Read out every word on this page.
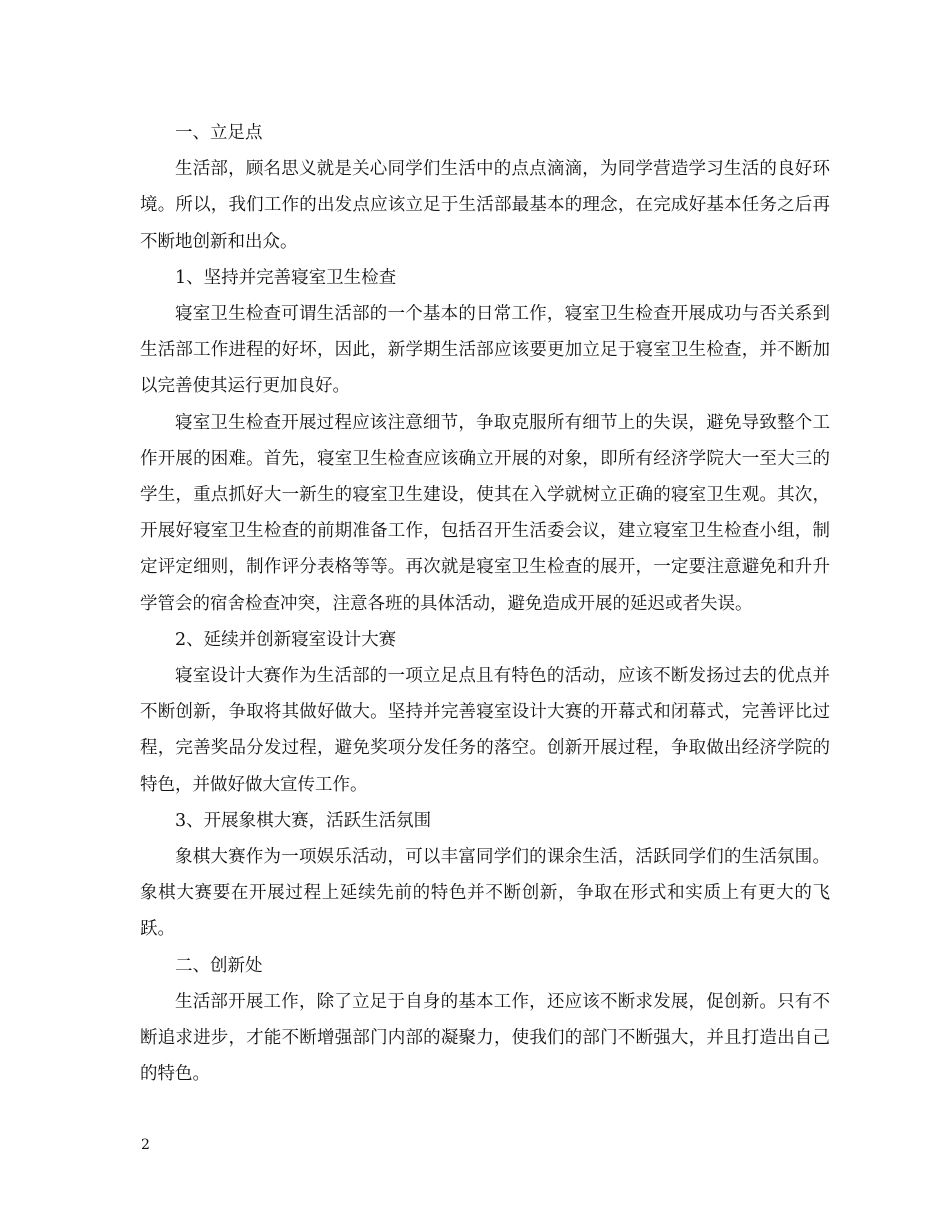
一、立足点

生活部，顾名思义就是关心同学们生活中的点点滴滴，为同学营造学习生活的良好环境。所以，我们工作的出发点应该立足于生活部最基本的理念，在完成好基本任务之后再不断地创新和出众。

1、坚持并完善寝室卫生检查

寝室卫生检查可谓生活部的一个基本的日常工作，寝室卫生检查开展成功与否关系到生活部工作进程的好坏，因此，新学期生活部应该要更加立足于寝室卫生检查，并不断加以完善使其运行更加良好。

寝室卫生检查开展过程应该注意细节，争取克服所有细节上的失误，避免导致整个工作开展的困难。首先，寝室卫生检查应该确立开展的对象，即所有经济学院大一至大三的学生，重点抓好大一新生的寝室卫生建设，使其在入学就树立正确的寝室卫生观。其次，开展好寝室卫生检查的前期准备工作，包括召开生活委会议，建立寝室卫生检查小组，制定评定细则，制作评分表格等等。再次就是寝室卫生检查的展开，一定要注意避免和升升学管会的宿舍检查冲突，注意各班的具体活动，避免造成开展的延迟或者失误。

2、延续并创新寝室设计大赛

寝室设计大赛作为生活部的一项立足点且有特色的活动，应该不断发扬过去的优点并不断创新，争取将其做好做大。坚持并完善寝室设计大赛的开幕式和闭幕式，完善评比过程，完善奖品分发过程，避免奖项分发任务的落空。创新开展过程，争取做出经济学院的特色，并做好做大宣传工作。

3、开展象棋大赛，活跃生活氛围

象棋大赛作为一项娱乐活动，可以丰富同学们的课余生活，活跃同学们的生活氛围。象棋大赛要在开展过程上延续先前的特色并不断创新，争取在形式和实质上有更大的飞跃。

二、创新处

生活部开展工作，除了立足于自身的基本工作，还应该不断求发展，促创新。只有不断追求进步，才能不断增强部门内部的凝聚力，使我们的部门不断强大，并且打造出自己的特色。

2
